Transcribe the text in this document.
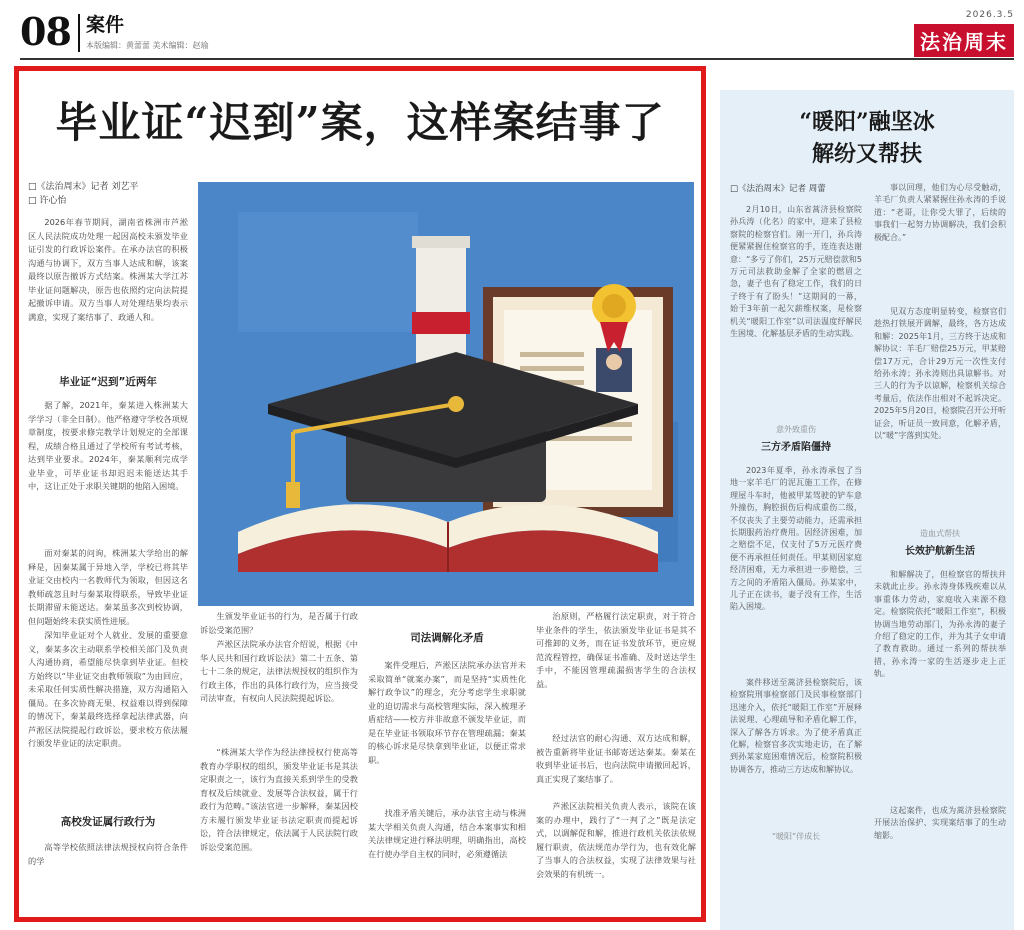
08 案件
本版编辑：黄蕾蕾 美术编辑：赵瑜
2026.3.5
法治周末
毕业证“迟到”案，这样案结事了
□《法治周末》记者 刘艺平
□ 许心怡

2026年春节期间，湖南省株洲市芦淞区人民法院成功处理一起因高校未颁发毕业证引发的行政诉讼案件。在承办法官的积极沟通与协调下，双方当事人达成和解，该案最终以原告撤诉方式结案。株洲某大学江苏毕业证问题解决，原告也依照约定向法院提起撤诉申请。双方当事人对处理结果均表示满意，实现了案结事了、政通人和。

毕业证“迟到”近两年

据了解，2021年，秦某进入株洲某大学学习（非全日制）。他严格遵守学校各项规章制度，按要求修完教学计划规定的全部课程，成绩合格且通过了学校所有考试考核，达到毕业要求。2024年，秦某顺利完成学业毕业，可毕业证书却迟迟未能送达其手中，这让正处于求职关键期的他陷入困境。

面对秦某的问询，株洲某大学给出的解释是，因秦某属于异地入学，学校已将其毕业证交由校内一名教师代为领取，但因这名教师疏忽且时与秦某取得联系，导致毕业证长期滞留未能送达。秦某虽多次到校协调，但问题始终未获实质性进展。

深知毕业证对个人就业、发展的重要意义，秦某多次主动联系学校相关部门及负责人沟通协商，希望能尽快拿到毕业证。但校方始终以“毕业证交由教师领取”为由回应，未采取任何实质性解决措施，双方沟通陷入僵局。在多次协商无果、权益难以得到保障的情况下，秦某最终选择拿起法律武器，向芦淞区法院提起行政诉讼，要求校方依法履行颁发毕业证的法定职责。

高校发证属行政行为

高等学校依照法律法规授权向符合条件的学

生颁发毕业证书的行为，是否属于行政诉讼受案范围？

芦淞区法院承办法官介绍说，根据《中华人民共和国行政诉讼法》第二十五条、第七十二条的规定，法律法规授权的组织作为行政主体，作出的具体行政行为，应当接受司法审查，有权向人民法院提起诉讼。

“株洲某大学作为经法律授权行使高等教育办学职权的组织，颁发毕业证书是其法定职责之一，该行为直接关系到学生的受教育权及后续就业、发展等合法权益，属于行政行为范畴。”该法官进一步解释，秦某因校方未履行颁发毕业证书法定职责而提起诉讼，符合法律规定，依法属于人民法院行政诉讼受案范围。

司法调解化矛盾

案件受理后，芦淞区法院承办法官并未采取简单“就案办案”，而是坚持“实质性化解行政争议”的理念，充分考虑学生求职就业的迫切需求与高校管理实际，深入梳理矛盾症结——校方并非故意不颁发毕业证，而是在毕业证书领取环节存在管理疏漏；秦某的核心诉求是尽快拿到毕业证，以便正常求职。

找准矛盾关键后，承办法官主动与株洲某大学相关负责人沟通，结合本案事实和相关法律规定进行释法明理，明确指出，高校在行使办学自主权的同时，必须遵循法

治原则，严格履行法定职责，对于符合毕业条件的学生，依法颁发毕业证书是其不可推卸的义务，而在证书发放环节，更应规范流程管控，确保证书准确、及时送达学生手中，不能因管理疏漏损害学生的合法权益。

经过法官的耐心沟通、双方达成和解，被告重新将毕业证书邮寄送达秦某。秦某在收到毕业证书后，也向法院申请撤回起诉，真正实现了案结事了。

芦淞区法院相关负责人表示，该院在该案的办理中，践行了“一判了之”既是法定式，以调解促和解，推进行政机关依法依规履行职责，依法规范办学行为，也有效化解了当事人的合法权益，实现了法律效果与社会效果的有机统一。

“暖阳”融坚冰
解纷又帮扶
□《法治周末》记者 周蕾

2月10日，山东省蒿济县检察院孙兵涛（化名）的家中，迎来了县检察院的检察官们。刚一开门，孙兵涛便紧紧握住检察官的手，连连表达谢意：“多亏了你们，25万元赔偿款和5万元司法救助金解了全家的燃眉之急，妻子也有了稳定工作，我们的日子终于有了盼头！”这期间的一幕，始于3年前一起欠薪维权案，是检察机关“暖阳工作室”以司法温度纾解民生困境、化解基层矛盾的生动实践。

意外致重伤
三方矛盾陷僵持

2023年夏季，孙永涛承包了当地一家羊毛厂的泥瓦施工工作，在修理屋斗车时，他被甲某驾驶的铲车意外撞伤，胸腔损伤后构成重伤二级，不仅丧失了主要劳动能力，还需承担长期服药治疗费用。因经济困难，加之赔偿不足，仅支付了5万元医疗费便不再承担任何责任。甲某则因家庭经济困难，无力承担进一步赔偿，三方之间的矛盾陷入僵局。孙某家中，儿子正在读书，妻子没有工作，生活陷入困境。

案件移送至蒿济县检察院后，该检察院刑事检察部门及民事检察部门迅速介入，依托“暖阳工作室”开展释法说理、心理疏导和矛盾化解工作，深入了解各方诉求。为了使矛盾真正化解，检察官多次实地走访，在了解到孙某家庭困难情况后，检察院积极协调各方，推动三方达成和解协议。

“暖阳”伴成长

事以回理，他们为心尽受触动，羊毛厂负责人紧紧握住孙永涛的手说道：“老哥，让你受大罪了，后续的事我们一起努力协调解决，我们会积极配合。”

见双方态度明显转变，检察官们趁热打铁展开调解，最终，各方达成和解：2025年1月，三方终于达成和解协议：羊毛厂赔偿25万元，甲某赔偿17万元，合计29万元一次性支付给孙永涛；孙永涛则出具谅解书。对三人的行为予以谅解，检察机关综合考量后，依法作出相对不起诉决定。2025年5月20日，检察院召开公开听证会，听证员一致同意，化解矛盾，以“暖”字落到实处。

造血式帮扶
长效护航新生活

和解解决了，但检察官的帮扶并未就此止步。孙永涛身体残疾难以从事重体力劳动，家庭收入来源不稳定。检察院依托“暖阳工作室”，积极协调当地劳动部门，为孙永涛的妻子介绍了稳定的工作，并为其子女申请了教育救助。通过一系列的帮扶举措，孙永涛一家的生活逐步走上正轨。

这起案件，也成为蒿济县检察院开展法治保护、实现案结事了的生动缩影。
